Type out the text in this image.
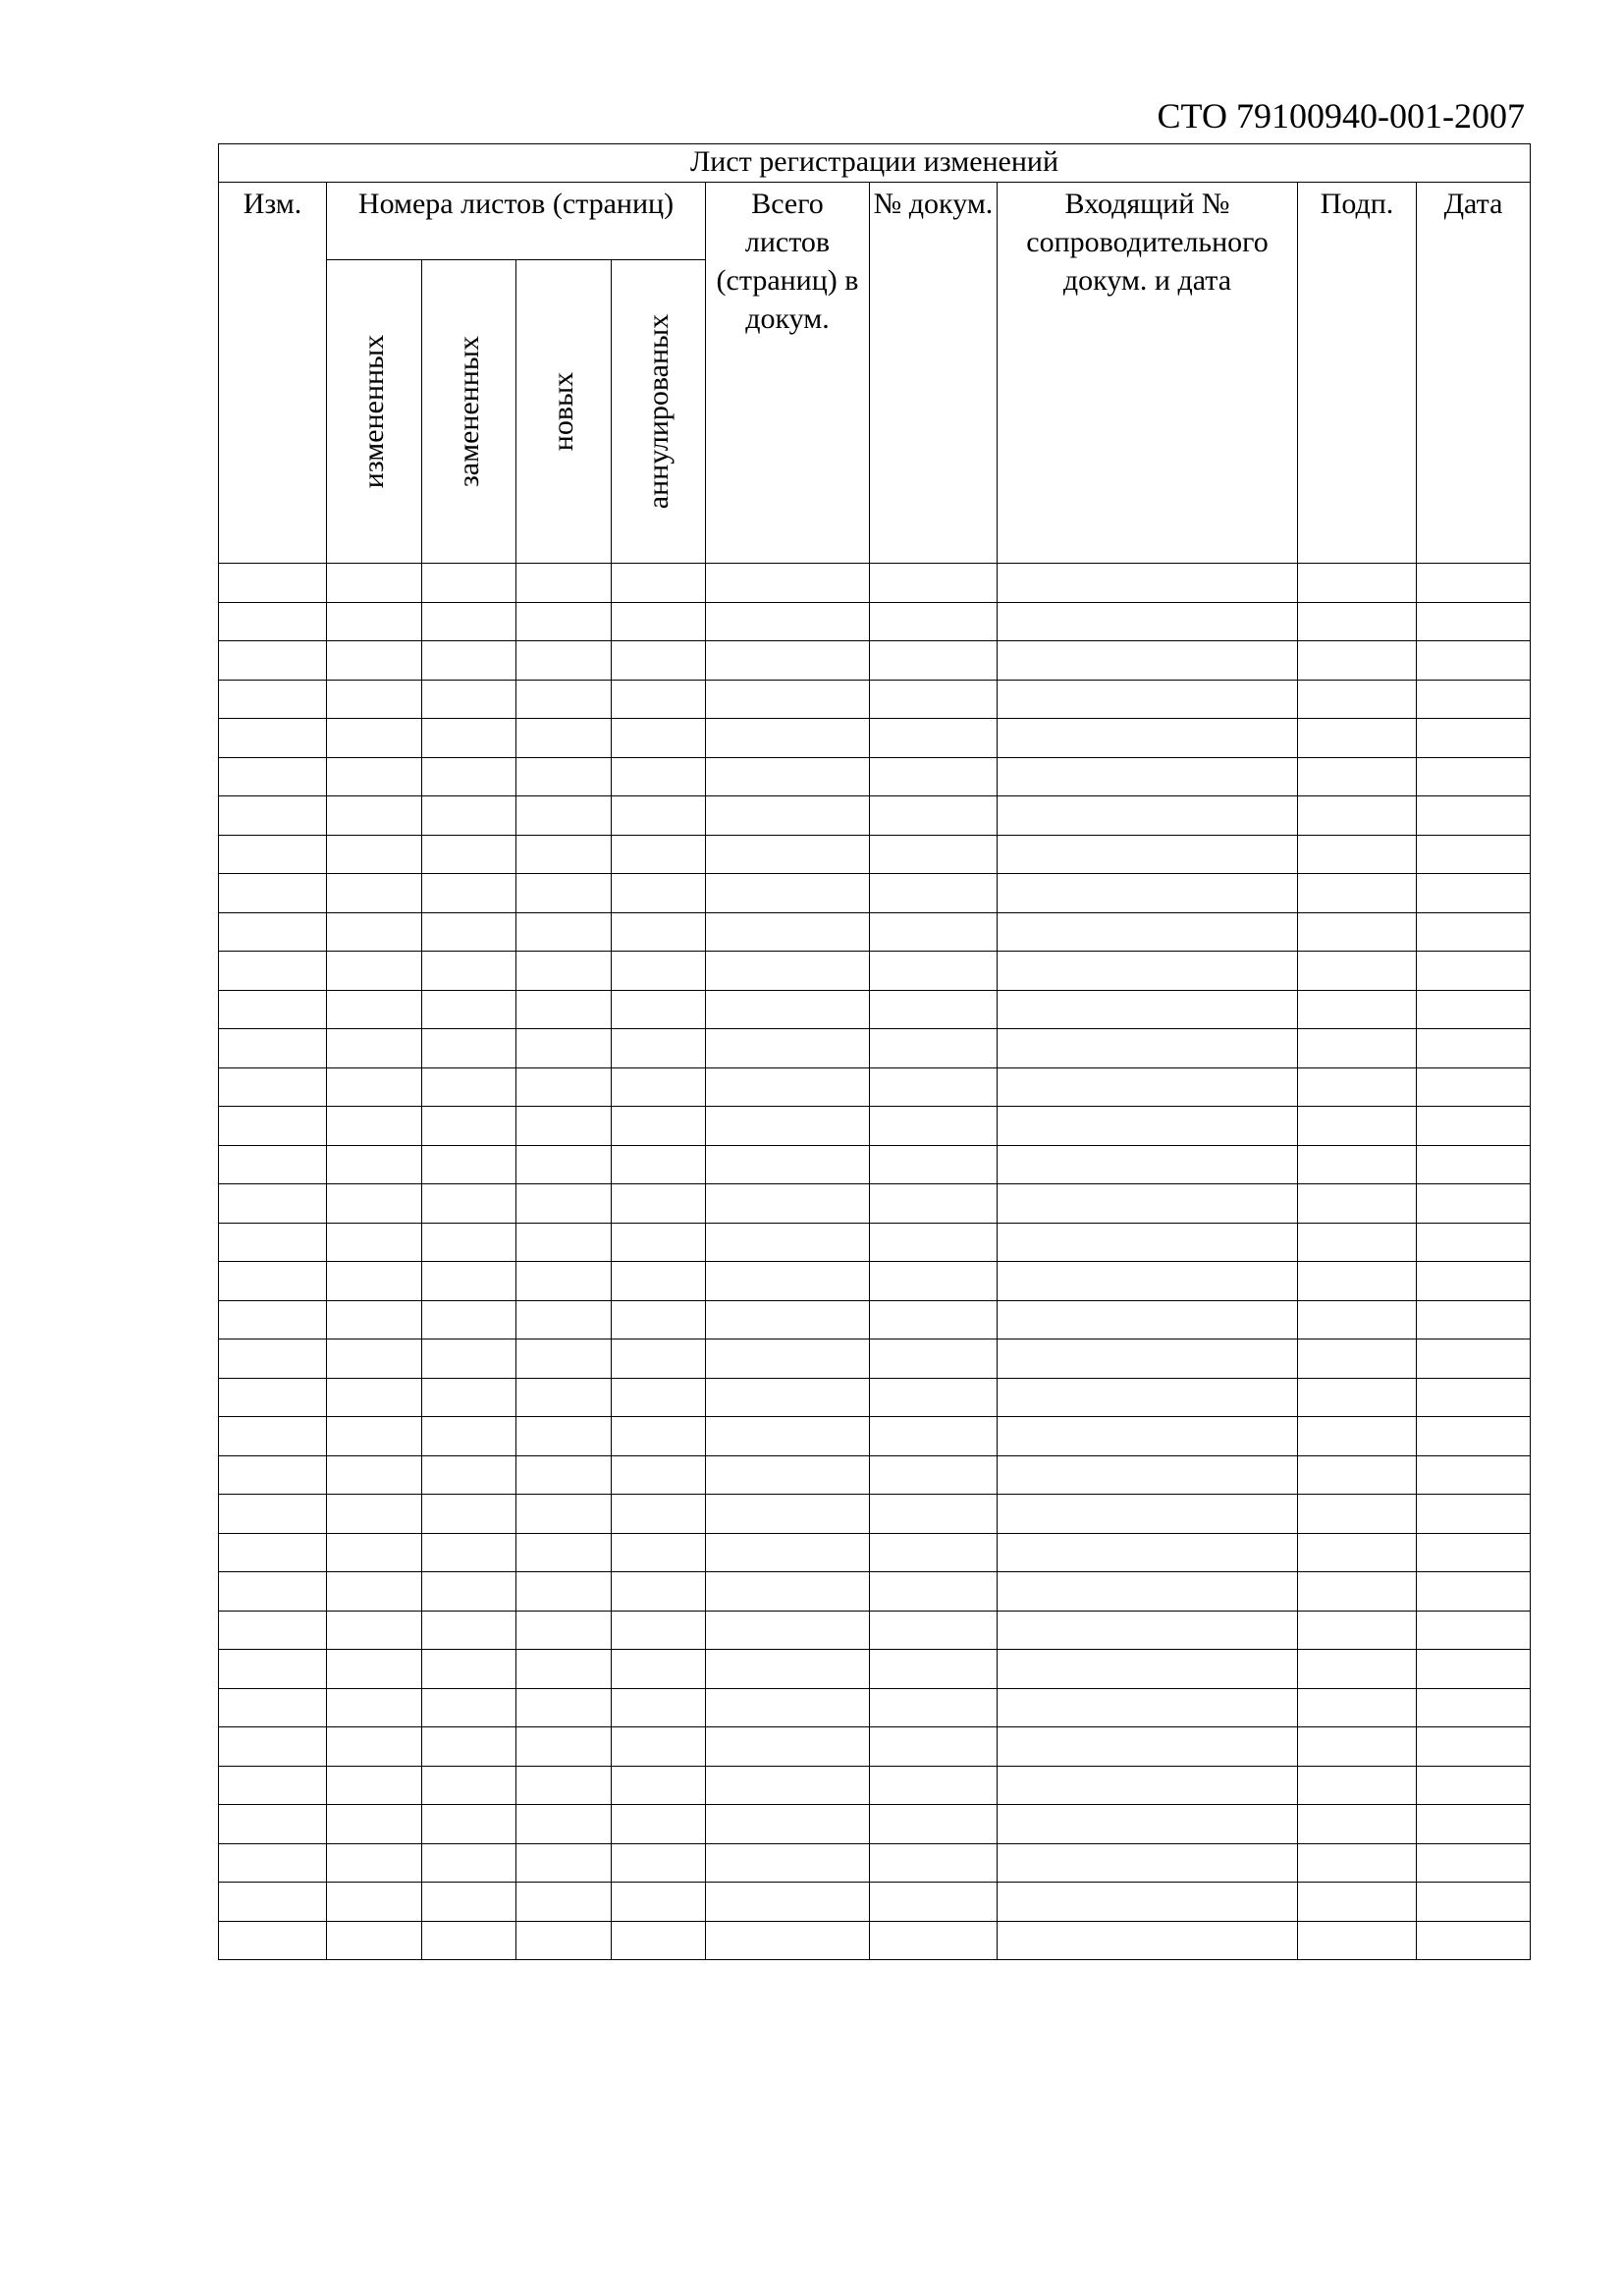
СТО 79100940-001-2007
Лист регистрации изменений									
Изм.	Номера листов (страниц)				Всего листов (страниц) в докум.	№ докум.	Входящий № сопроводительного докум. и дата	Подп.	Дата

	измененных	замененных	новых	аннулированых					
